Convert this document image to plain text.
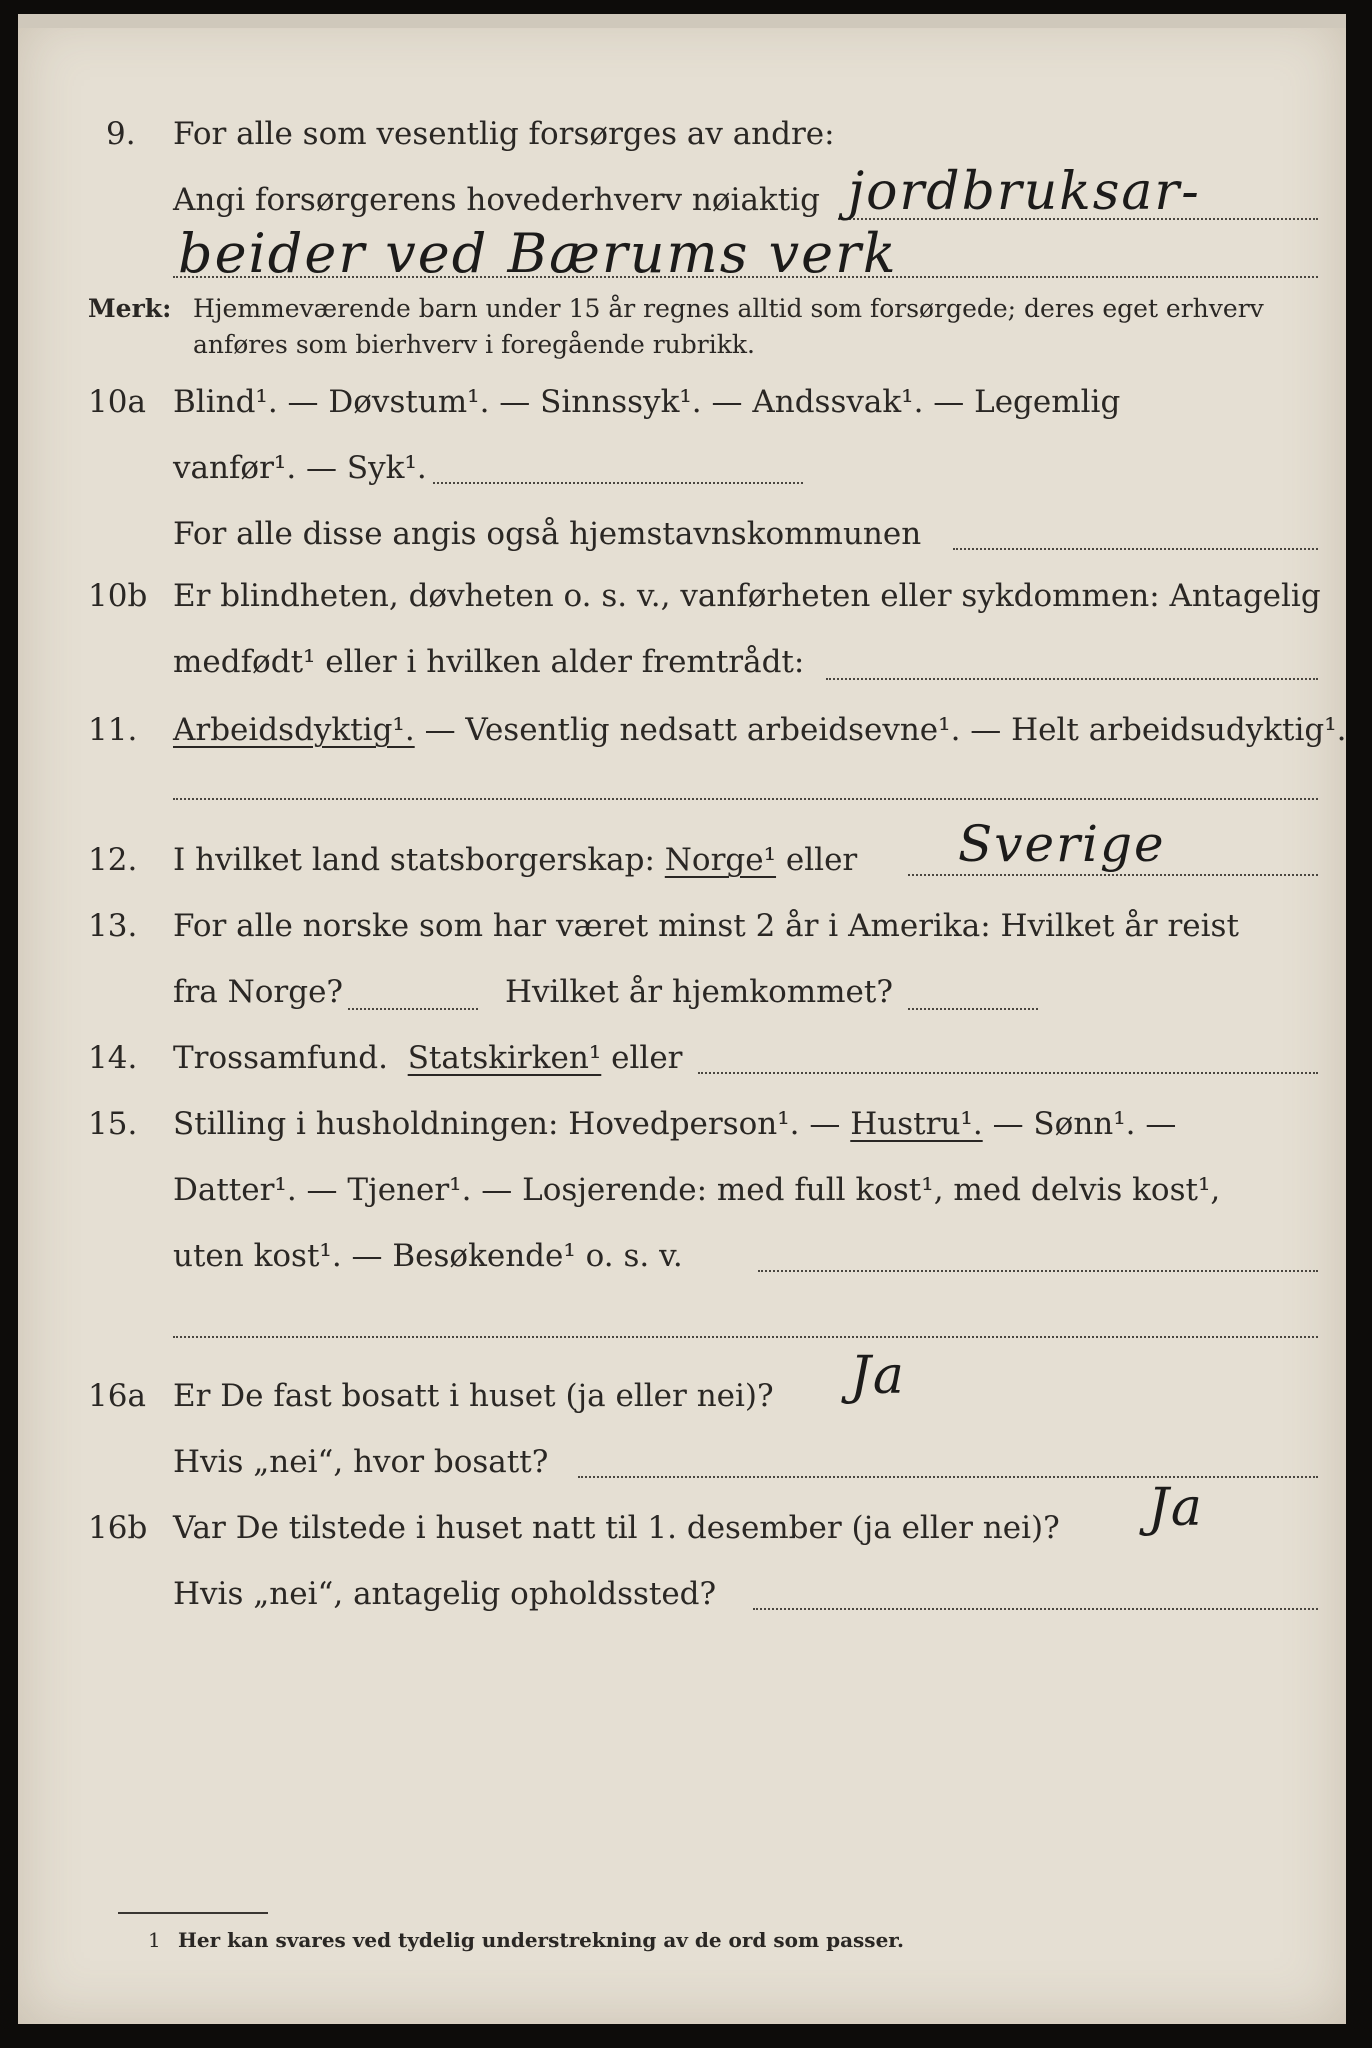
9. For alle som vesentlig forsørges av andre:
Angi forsørgerens hovederhverv nøiaktig jordbruksar-
beider ved Bærums verk
Merk: Hjemmeværende barn under 15 år regnes alltid som forsørgede; deres eget erhverv
anføres som bierhverv i foregående rubrikk.
10a Blind¹. — Døvstum¹. — Sinnssyk¹. — Andssvak¹. — Legemlig
vanfør¹. — Syk¹.
For alle disse angis også hjemstavnskommunen
10b Er blindheten, døvheten o. s. v., vanførheten eller sykdommen: Antagelig
medfødt¹ eller i hvilken alder fremtrådt:
11. Arbeidsdyktig¹. — Vesentlig nedsatt arbeidsevne¹. — Helt arbeidsudyktig¹.
12. I hvilket land statsborgerskap: Norge¹ eller Sverige
13. For alle norske som har været minst 2 år i Amerika: Hvilket år reist
fra Norge?	Hvilket år hjemkommet?
14. Trossamfund. Statskirken¹ eller
15. Stilling i husholdningen: Hovedperson¹. — Hustru¹. — Sønn¹. —
Datter¹. — Tjener¹. — Losjerende: med full kost¹, med delvis kost¹,
uten kost¹. — Besøkende¹ o. s. v.
16a Er De fast bosatt i huset (ja eller nei)? Ja
Hvis „nei“, hvor bosatt?
16b Var De tilstede i huset natt til 1. desember (ja eller nei)? Ja
Hvis „nei“, antagelig opholdssted?
1 Her kan svares ved tydelig understrekning av de ord som passer.
